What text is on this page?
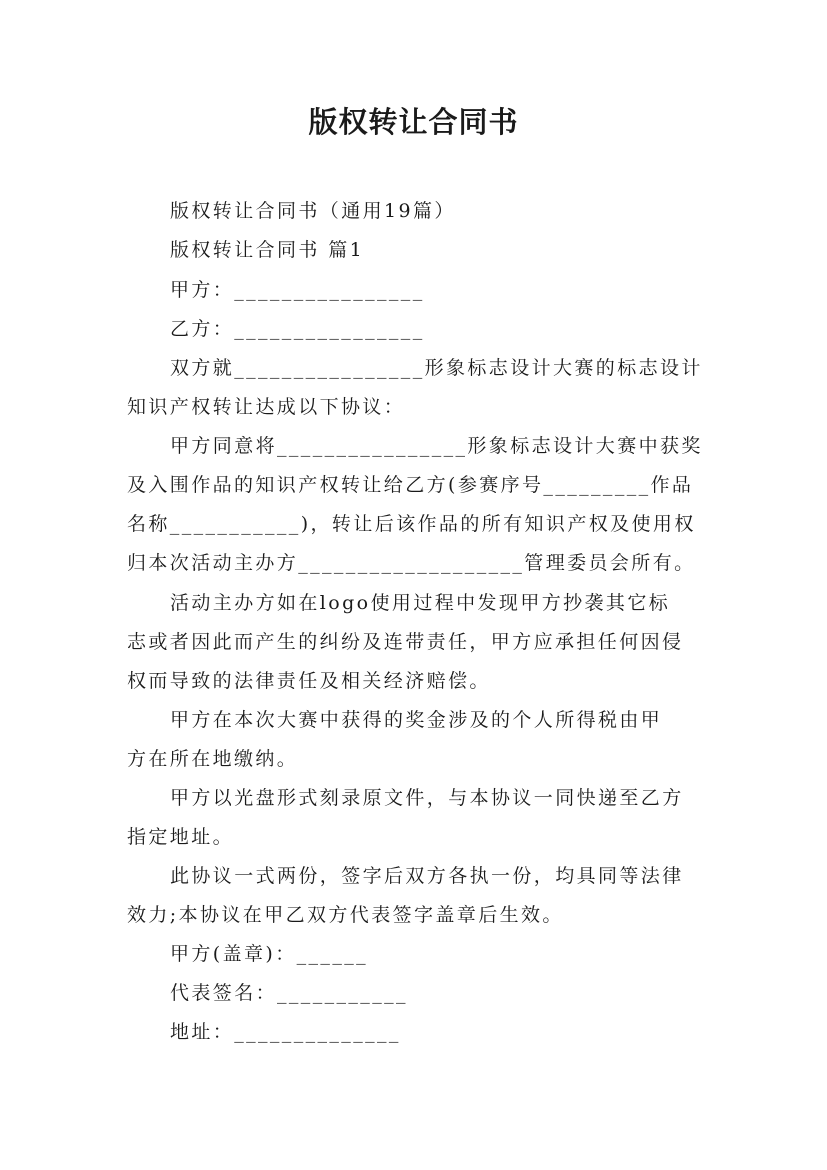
版权转让合同书
版权转让合同书（通用19篇）
版权转让合同书 篇1
甲方：________________
乙方：________________
双方就________________形象标志设计大赛的标志设计
知识产权转让达成以下协议：
甲方同意将________________形象标志设计大赛中获奖
及入围作品的知识产权转让给乙方(参赛序号_________作品
名称___________)，转让后该作品的所有知识产权及使用权
归本次活动主办方___________________管理委员会所有。
活动主办方如在logo使用过程中发现甲方抄袭其它标
志或者因此而产生的纠纷及连带责任，甲方应承担任何因侵
权而导致的法律责任及相关经济赔偿。
甲方在本次大赛中获得的奖金涉及的个人所得税由甲
方在所在地缴纳。
甲方以光盘形式刻录原文件，与本协议一同快递至乙方
指定地址。
此协议一式两份，签字后双方各执一份，均具同等法律
效力;本协议在甲乙双方代表签字盖章后生效。
甲方(盖章)：______
代表签名：___________
地址：______________
